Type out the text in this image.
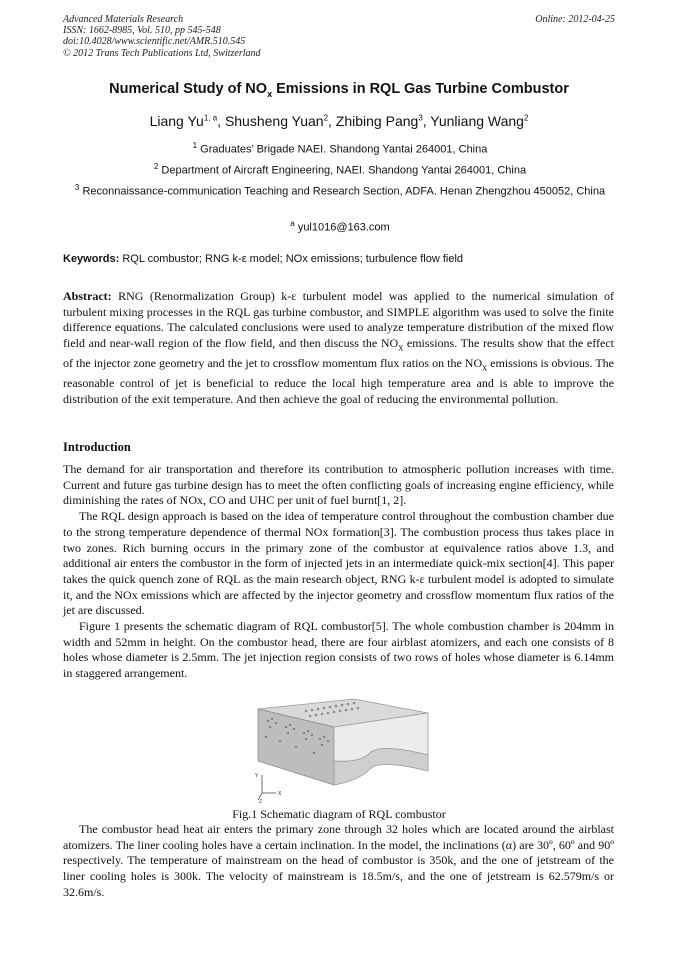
Advanced Materials Research
ISSN: 1662-8985, Vol. 510, pp 545-548
doi:10.4028/www.scientific.net/AMR.510.545
© 2012 Trans Tech Publications Ltd, Switzerland
Online: 2012-04-25
Numerical Study of $NO_x$ Emissions in RQL Gas Turbine Combustor
Liang Yu$^{1, a}$, Shusheng Yuan$^2$, Zhibing Pang$^3$, Yunliang Wang$^2$
$^1$ Graduates’ Brigade NAEI. Shandong Yantai 264001, China
$^2$ Department of Aircraft Engineering, NAEI. Shandong Yantai 264001, China
$^3$ Reconnaissance-communication Teaching and Research Section, ADFA. Henan Zhengzhou 450052, China
$^a$ yul1016@163.com
Keywords: RQL combustor; RNG k-ε model; NOx emissions; turbulence flow field

Abstract: RNG (Renormalization Group) k-ε turbulent model was applied to the numerical simulation of turbulent mixing processes in the RQL gas turbine combustor, and SIMPLE algorithm was used to solve the finite difference equations. The calculated conclusions were used to analyze temperature distribution of the mixed flow field and near-wall region of the flow field, and then discuss the $NO_x$ emissions. The results show that the effect of the injector zone geometry and the jet to crossflow momentum flux ratios on the $NO_x$ emissions is obvious. The reasonable control of jet is beneficial to reduce the local high temperature area and is able to improve the distribution of the exit temperature. And then achieve the goal of reducing the environmental pollution.

Introduction

The demand for air transportation and therefore its contribution to atmospheric pollution increases with time. Current and future gas turbine design has to meet the often conflicting goals of increasing engine efficiency, while diminishing the rates of NOx, CO and UHC per unit of fuel burnt[1, 2].

The RQL design approach is based on the idea of temperature control throughout the combustion chamber due to the strong temperature dependence of thermal NOx formation[3]. The combustion process thus takes place in two zones. Rich burning occurs in the primary zone of the combustor at equivalence ratios above 1.3, and additional air enters the combustor in the form of injected jets in an intermediate quick-mix section[4]. This paper takes the quick quench zone of RQL as the main research object, RNG k-ε turbulent model is adopted to simulate it, and the NOx emissions which are affected by the injector geometry and crossflow momentum flux ratios of the jet are discussed.

Figure 1 presents the schematic diagram of RQL combustor[5]. The whole combustion chamber is 204mm in width and 52mm in height. On the combustor head, there are four airblast atomizers, and each one consists of 8 holes whose diameter is 2.5mm. The jet injection region consists of two rows of holes whose diameter is 6.14mm in staggered arrangement.

Y
X
Z
Fig.1 Schematic diagram of RQL combustor

The combustor head heat air enters the primary zone through 32 holes which are located around the airblast atomizers. The liner cooling holes have a certain inclination. In the model, the inclinations (α) are 30º, 60º and 90º respectively. The temperature of mainstream on the head of combustor is 350k, and the one of jetstream of the liner cooling holes is 300k. The velocity of mainstream is 18.5m/s, and the one of jetstream is 62.579m/s or 32.6m/s.
